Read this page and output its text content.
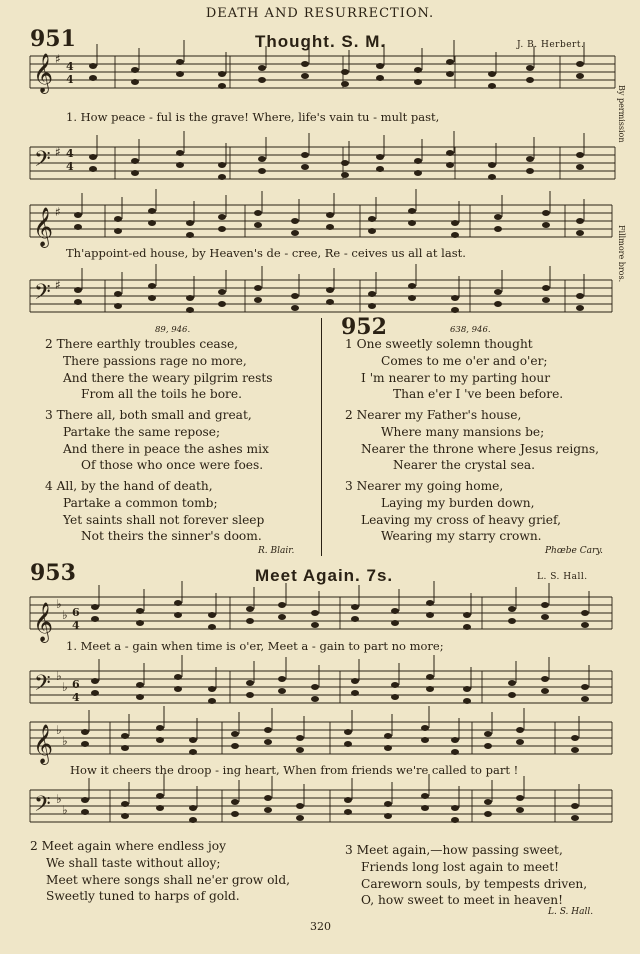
DEATH AND RESURRECTION.
By permission
Fillmore bros.
951	Thought. S. M.	J. B. Herbert.
𝄞
𝄢
𝄞
𝄢
𝄞
𝄢
𝄞
𝄢
♯
♯
♯
♯
♭
♭
♭
♭
♭
♭
♭
♭
4
4
4
4
6
4
6
4
1. How peace - ful is the grave! Where, life's vain tu - mult past,
Th'appoint-ed house, by Heaven's de - cree, Re - ceives us all at last.
89, 946.
2 There earthly troubles cease,
There passions rage no more,
And there the weary pilgrim rests
From all the toils he bore.
3 There all, both small and great,
Partake the same repose;
And there in peace the ashes mix
Of those who once were foes.
4 All, by the hand of death,
Partake a common tomb;
Yet saints shall not forever sleep
Not theirs the sinner's doom.
R. Blair.
952	638, 946.
1 One sweetly solemn thought
Comes to me o'er and o'er;
I 'm nearer to my parting hour
Than e'er I 've been before.
2 Nearer my Father's house,
Where many mansions be;
Nearer the throne where Jesus reigns,
Nearer the crystal sea.
3 Nearer my going home,
Laying my burden down,
Leaving my cross of heavy grief,
Wearing my starry crown.
Phœbe Cary.
953	Meet Again. 7s.	L. S. Hall.
1. Meet a - gain when time is o'er, Meet a - gain to part no more;
How it cheers the droop - ing heart, When from friends we're called to part !
2 Meet again where endless joy
We shall taste without alloy;
Meet where songs shall ne'er grow old,
Sweetly tuned to harps of gold.
3 Meet again,—how passing sweet,
Friends long lost again to meet!
Careworn souls, by tempests driven,
O, how sweet to meet in heaven!
L. S. Hall.
320
